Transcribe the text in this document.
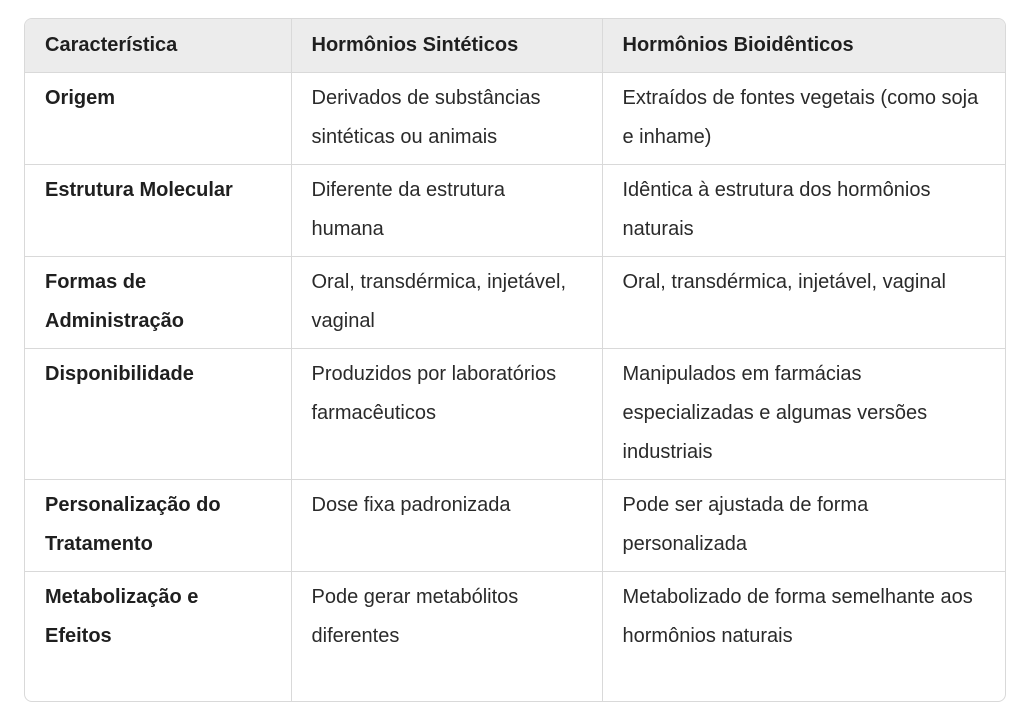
Característica	Hormônios Sintéticos	Hormônios Bioidênticos
Origem	Derivados de substâncias sintéticas ou animais	Extraídos de fontes vegetais (como soja e inhame)
Estrutura Molecular	Diferente da estrutura humana	Idêntica à estrutura dos hormônios naturais
Formas de Administração	Oral, transdérmica, injetável, vaginal	Oral, transdérmica, injetável, vaginal
Disponibilidade	Produzidos por laboratórios farmacêuticos	Manipulados em farmácias especializadas e algumas versões industriais
Personalização do Tratamento	Dose fixa padronizada	Pode ser ajustada de forma personalizada
Metabolização e Efeitos	Pode gerar metabólitos diferentes	Metabolizado de forma semelhante aos hormônios naturais
